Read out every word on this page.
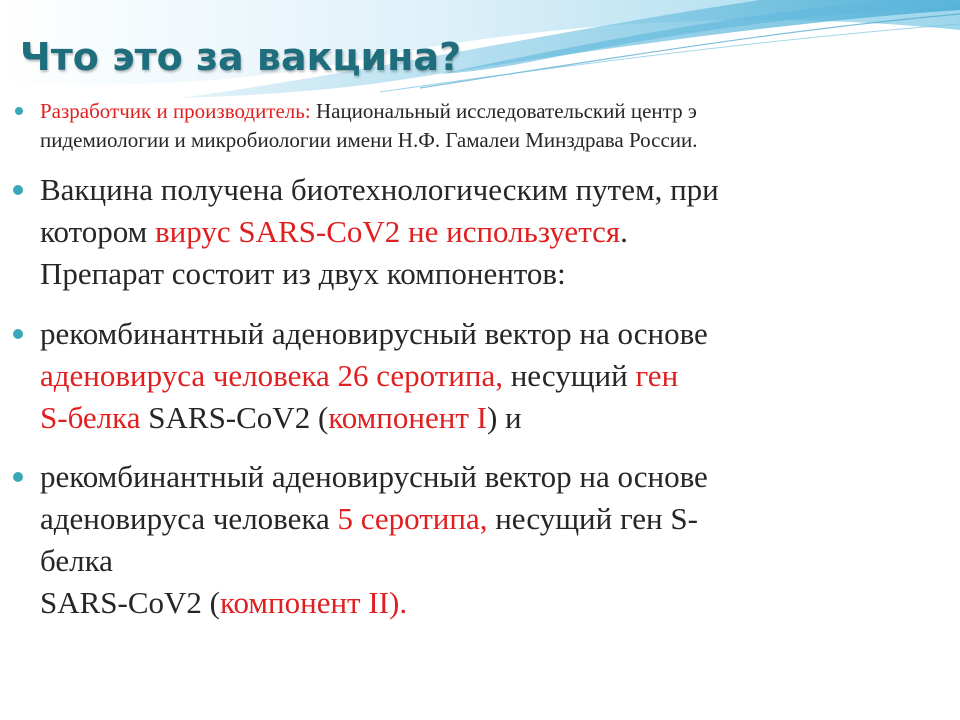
Что это за вакцина?
Разработчик и производитель: Национальный исследовательский центр э
пидемиологии и микробиологии имени Н.Ф. Гамалеи Минздрава России.
Вакцина получена биотехнологическим путем, при
котором вирус SARS-CoV2 не используется.
Препарат состоит из двух компонентов:
рекомбинантный аденовирусный вектор на основе
аденовируса человека 26 серотипа, несущий ген
S-белка SARS-CoV2 (компонент I) и
рекомбинантный аденовирусный вектор на основе
аденовируса человека 5 серотипа, несущий ген S-
белка
SARS-CoV2 (компонент II).
